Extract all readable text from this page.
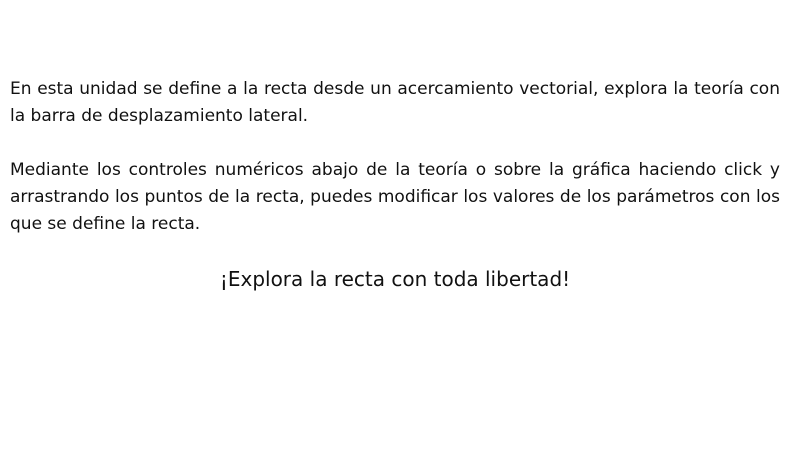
En esta unidad se define a la recta desde un acercamiento vectorial, explora la teoría con la barra de desplazamiento lateral.

Mediante los controles numéricos abajo de la teoría o sobre la gráfica haciendo click y arrastrando los puntos de la recta, puedes modificar los valores de los parámetros con los que se define la recta.

¡Explora la recta con toda libertad!
